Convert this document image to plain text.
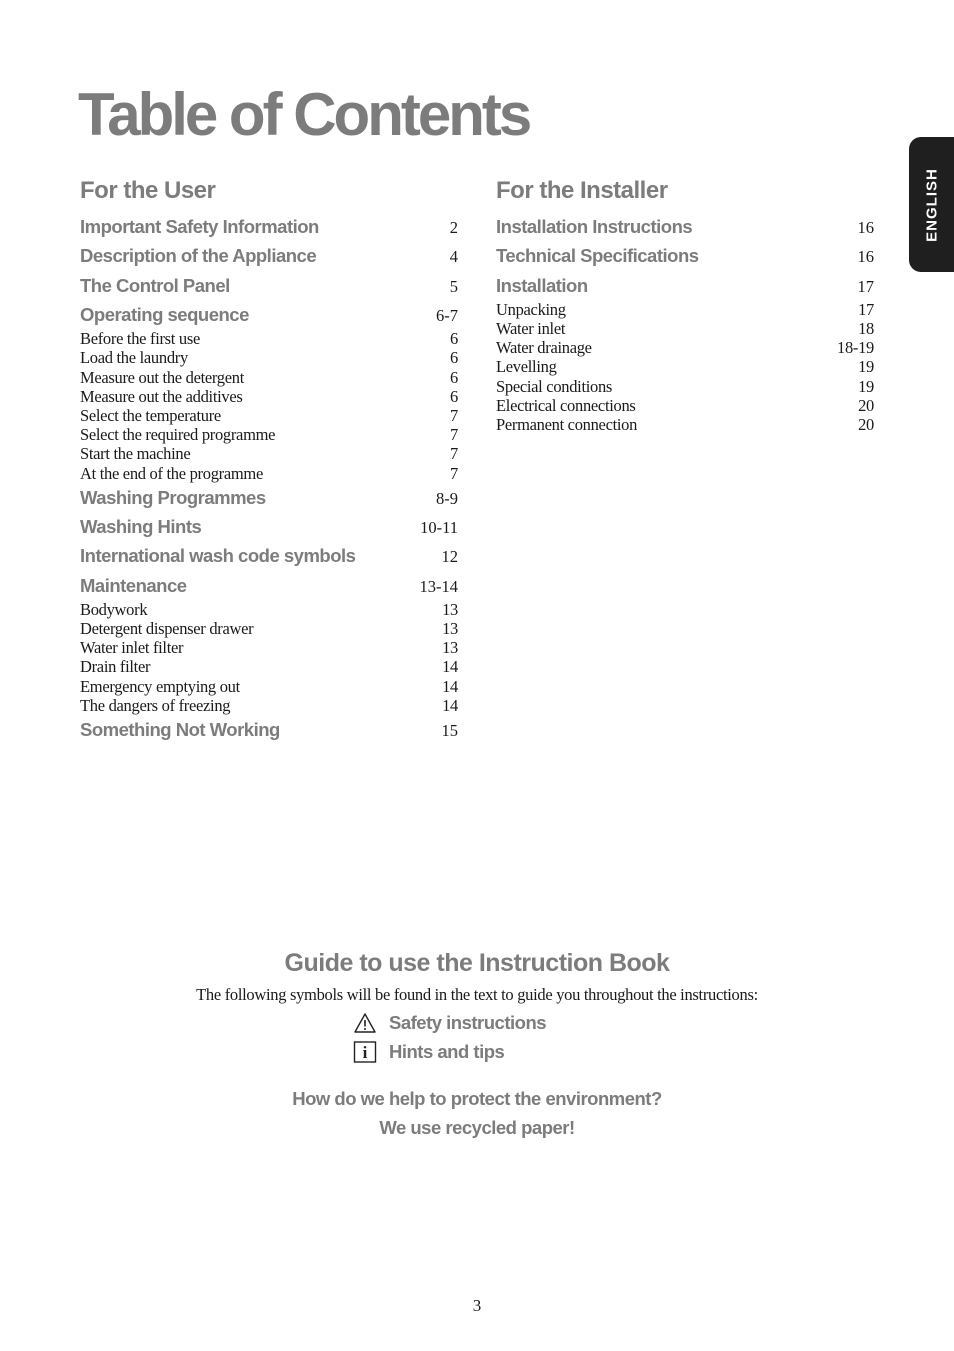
Table of Contents
ENGLISH
For the User
Important Safety Information	2
Description of the Appliance	4
The Control Panel	5
Operating sequence	6-7
Before the first use	6
Load the laundry	6
Measure out the detergent	6
Measure out the additives	6
Select the temperature	7
Select the required programme	7
Start the machine	7
At the end of the programme	7
Washing Programmes	8-9
Washing Hints	10-11
International wash code symbols	12
Maintenance	13-14
Bodywork	13
Detergent dispenser drawer	13
Water inlet filter	13
Drain filter	14
Emergency emptying out	14
The dangers of freezing	14
Something Not Working	15
For the Installer
Installation Instructions	16
Technical Specifications	16
Installation	17
Unpacking	17
Water inlet	18
Water drainage	18-19
Levelling	19
Special conditions	19
Electrical connections	20
Permanent connection	20
Guide to use the Instruction Book

The following symbols will be found in the text to guide you throughout the instructions:

Safety instructions
i Hints and tips
How do we help to protect the environment?
We use recycled paper!
3
